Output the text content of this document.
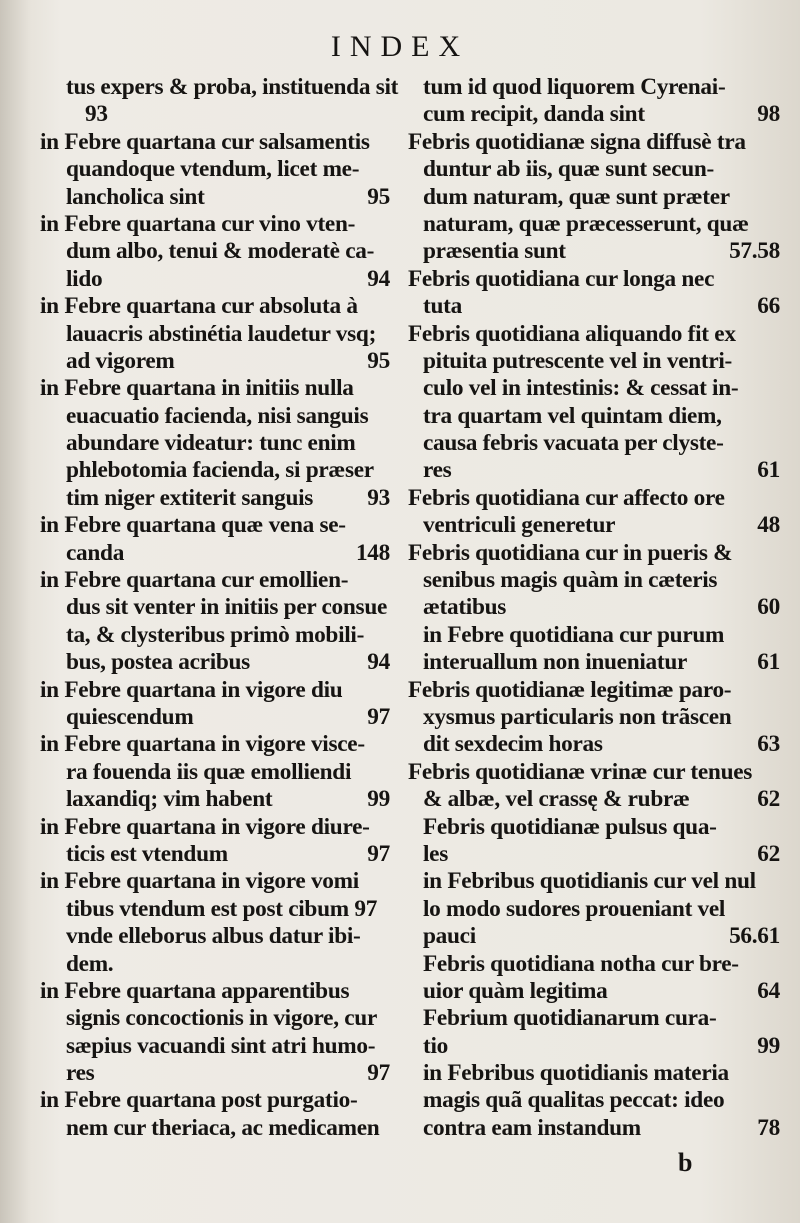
INDEX
tus expers & proba, instituenda sit
93
in Febre quartana cur salsamentis
quandoque vtendum, licet me-
lancholica sint	95
in Febre quartana cur vino vten-
dum albo, tenui & moderatè ca-
lido	94
in Febre quartana cur absoluta à
lauacris abstinétia laudetur vsq;
ad vigorem	95
in Febre quartana in initiis nulla
euacuatio facienda, nisi sanguis
abundare videatur: tunc enim
phlebotomia facienda, si præser
tim niger extiterit sanguis 93
in Febre quartana quæ vena se-
canda	148
in Febre quartana cur emollien-
dus sit venter in initiis per consue
ta, & clysteribus primò mobili-
bus, postea acribus	94
in Febre quartana in vigore diu
quiescendum	97
in Febre quartana in vigore visce-
ra fouenda iis quæ emolliendi
laxandiq; vim habent	99
in Febre quartana in vigore diure-
ticis est vtendum	97
in Febre quartana in vigore vomi
tibus vtendum est post cibum 97
vnde elleborus albus datur ibi-
dem.
in Febre quartana apparentibus
signis concoctionis in vigore, cur
sæpius vacuandi sint atri humo-
res	97
in Febre quartana post purgatio-
nem cur theriaca, ac medicamen
tum id quod liquorem Cyrenai-
cum recipit, danda sint	98
Febris quotidianæ signa diffusè tra
duntur ab iis, quæ sunt secun-
dum naturam, quæ sunt præter
naturam, quæ præcesserunt, quæ
præsentia sunt	57.58
Febris quotidiana cur longa nec
tuta	66
Febris quotidiana aliquando fit ex
pituita putrescente vel in ventri-
culo vel in intestinis: & cessat in-
tra quartam vel quintam diem,
causa febris vacuata per clyste-
res	61
Febris quotidiana cur affecto ore
ventriculi generetur	48
Febris quotidiana cur in pueris &
senibus magis quàm in cæteris
ætatibus	60
in Febre quotidiana cur purum
interuallum non inueniatur	61
Febris quotidianæ legitimæ paro-
xysmus particularis non trãscen
dit sexdecim horas	63
Febris quotidianæ vrinæ cur tenues
& albæ, vel crassę & rubræ	62
Febris quotidianæ pulsus qua-
les	62
in Febribus quotidianis cur vel nul
lo modo sudores proueniant vel
pauci	56.61
Febris quotidiana notha cur bre-
uior quàm legitima	64
Febrium quotidianarum cura-
tio	99
in Febribus quotidianis materia
magis quã qualitas peccat: ideo
contra eam instandum	78
b
